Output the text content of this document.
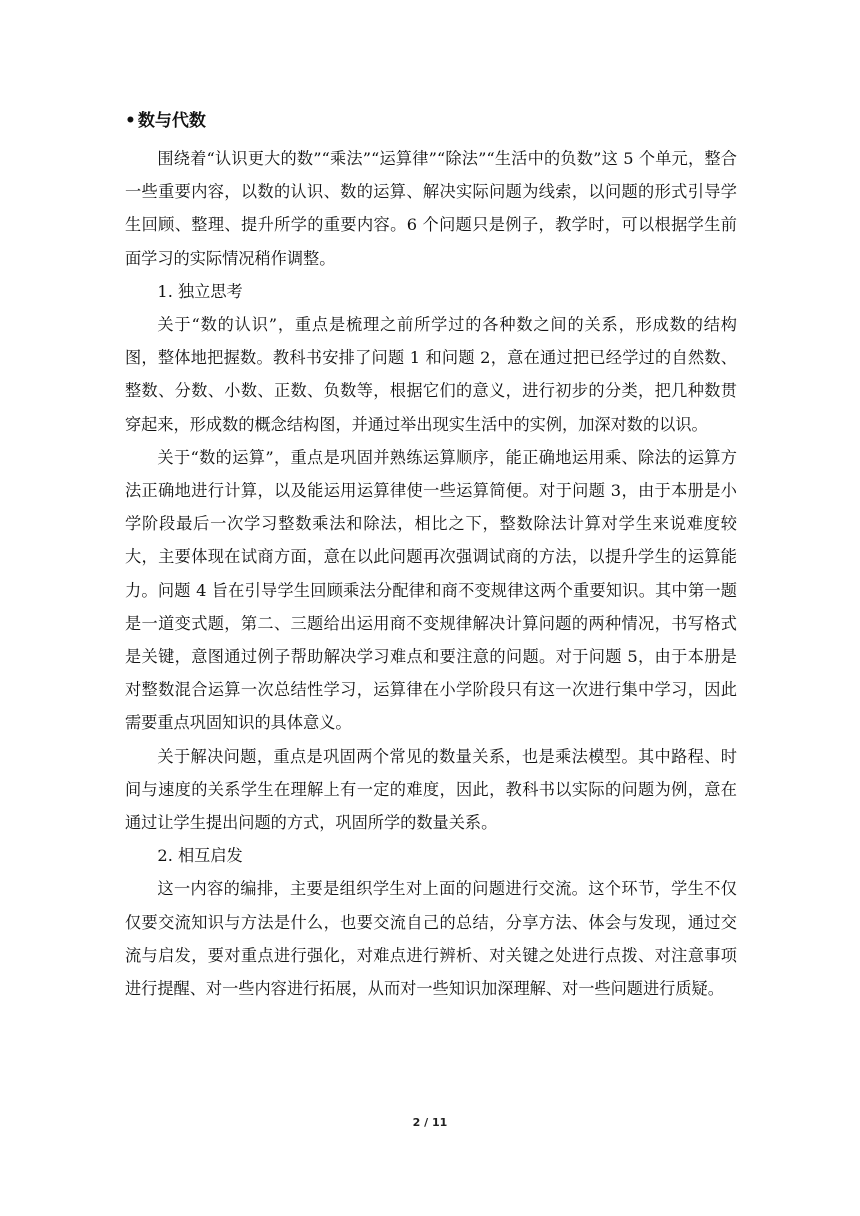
• 数与代数

围绕着“认识更大的数”“乘法”“运算律”“除法”“生活中的负数”这 5 个单元，整合一些重要内容，以数的认识、数的运算、解决实际问题为线索，以问题的形式引导学生回顾、整理、提升所学的重要内容。6 个问题只是例子，教学时，可以根据学生前面学习的实际情况稍作调整。

1. 独立思考

关于“数的认识”，重点是梳理之前所学过的各种数之间的关系，形成数的结构图，整体地把握数。教科书安排了问题 1 和问题 2，意在通过把已经学过的自然数、整数、分数、小数、正数、负数等，根据它们的意义，进行初步的分类，把几种数贯穿起来，形成数的概念结构图，并通过举出现实生活中的实例，加深对数的以识。

关于“数的运算”，重点是巩固并熟练运算顺序，能正确地运用乘、除法的运算方法正确地进行计算，以及能运用运算律使一些运算简便。对于问题 3，由于本册是小学阶段最后一次学习整数乘法和除法，相比之下，整数除法计算对学生来说难度较大，主要体现在试商方面，意在以此问题再次强调试商的方法，以提升学生的运算能力。问题 4 旨在引导学生回顾乘法分配律和商不变规律这两个重要知识。其中第一题是一道变式题，第二、三题给出运用商不变规律解决计算问题的两种情况，书写格式是关键，意图通过例子帮助解决学习难点和要注意的问题。对于问题 5，由于本册是对整数混合运算一次总结性学习，运算律在小学阶段只有这一次进行集中学习，因此需要重点巩固知识的具体意义。

关于解决问题，重点是巩固两个常见的数量关系，也是乘法模型。其中路程、时间与速度的关系学生在理解上有一定的难度，因此，教科书以实际的问题为例，意在通过让学生提出问题的方式，巩固所学的数量关系。

2. 相互启发

这一内容的编排，主要是组织学生对上面的问题进行交流。这个环节，学生不仅仅要交流知识与方法是什么，也要交流自己的总结，分享方法、体会与发现，通过交流与启发，要对重点进行强化，对难点进行辨析、对关键之处进行点拨、对注意事项进行提醒、对一些内容进行拓展，从而对一些知识加深理解、对一些问题进行质疑。

2 / 11
